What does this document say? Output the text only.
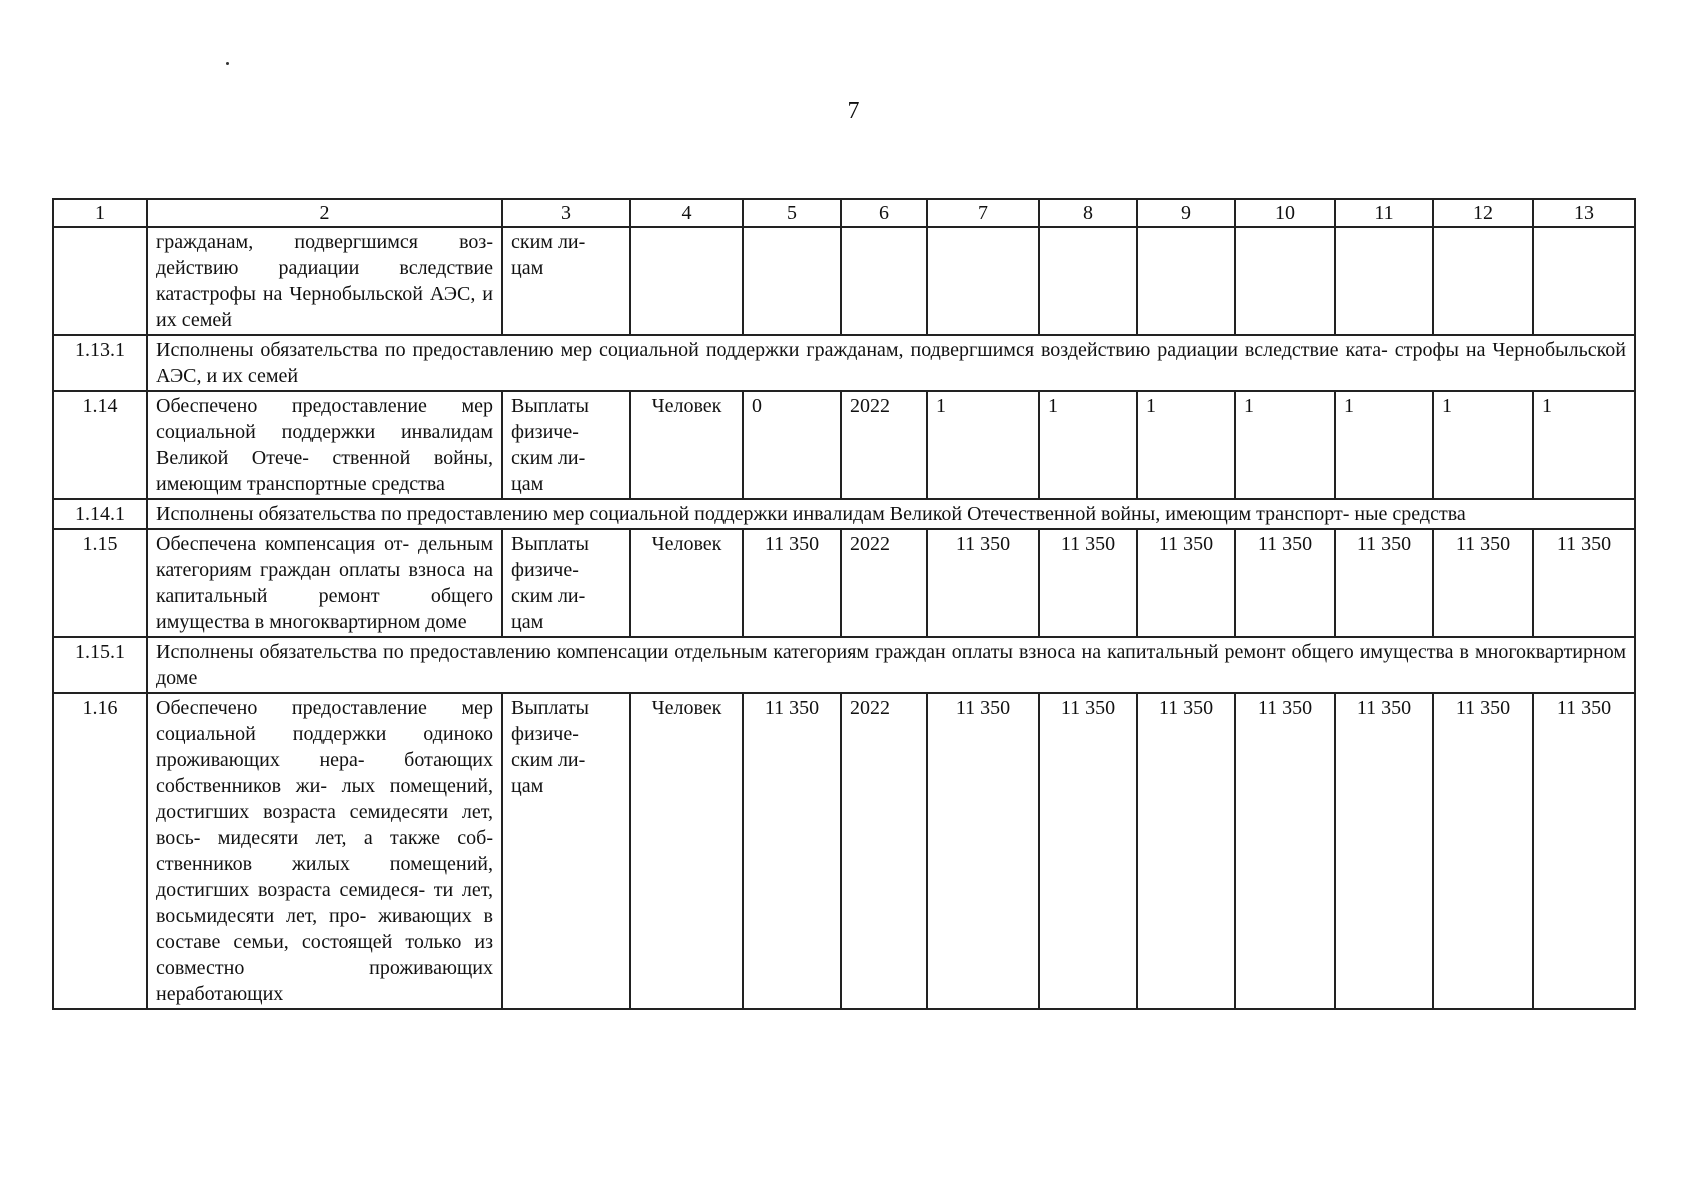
7
1	2	3	4	5	6	7	8	9	10	11	12	13
	гражданам, подвергшимся воз- действию радиации вследствие катастрофы на Чернобыльской АЭС, и их семей	ским ли- цам										
1.13.1	Исполнены обязательства по предоставлению мер социальной поддержки гражданам, подвергшимся воздействию радиации вследствие ката- строфы на Чернобыльской АЭС, и их семей											
1.14	Обеспечено предоставление мер социальной поддержки инвалидам Великой Отече- ственной войны, имеющим транспортные средства	Выплаты физиче- ским ли- цам	Человек	0	2022	1	1	1	1	1	1	1
1.14.1	Исполнены обязательства по предоставлению мер социальной поддержки инвалидам Великой Отечественной войны, имеющим транспорт- ные средства											
1.15	Обеспечена компенсация от- дельным категориям граждан оплаты взноса на капитальный ремонт общего имущества в многоквартирном доме	Выплаты физиче- ским ли- цам	Человек	11 350	2022	11 350	11 350	11 350	11 350	11 350	11 350	11 350
1.15.1	Исполнены обязательства по предоставлению компенсации отдельным категориям граждан оплаты взноса на капитальный ремонт общего имущества в многоквартирном доме											
1.16	Обеспечено предоставление мер социальной поддержки одиноко проживающих нера- ботающих собственников жи- лых помещений, достигших возраста семидесяти лет, вось- мидесяти лет, а также соб- ственников жилых помещений, достигших возраста семидеся- ти лет, восьмидесяти лет, про- живающих в составе семьи, состоящей только из совместно проживающих неработающих	Выплаты физиче- ским ли- цам	Человек	11 350	2022	11 350	11 350	11 350	11 350	11 350	11 350	11 350
